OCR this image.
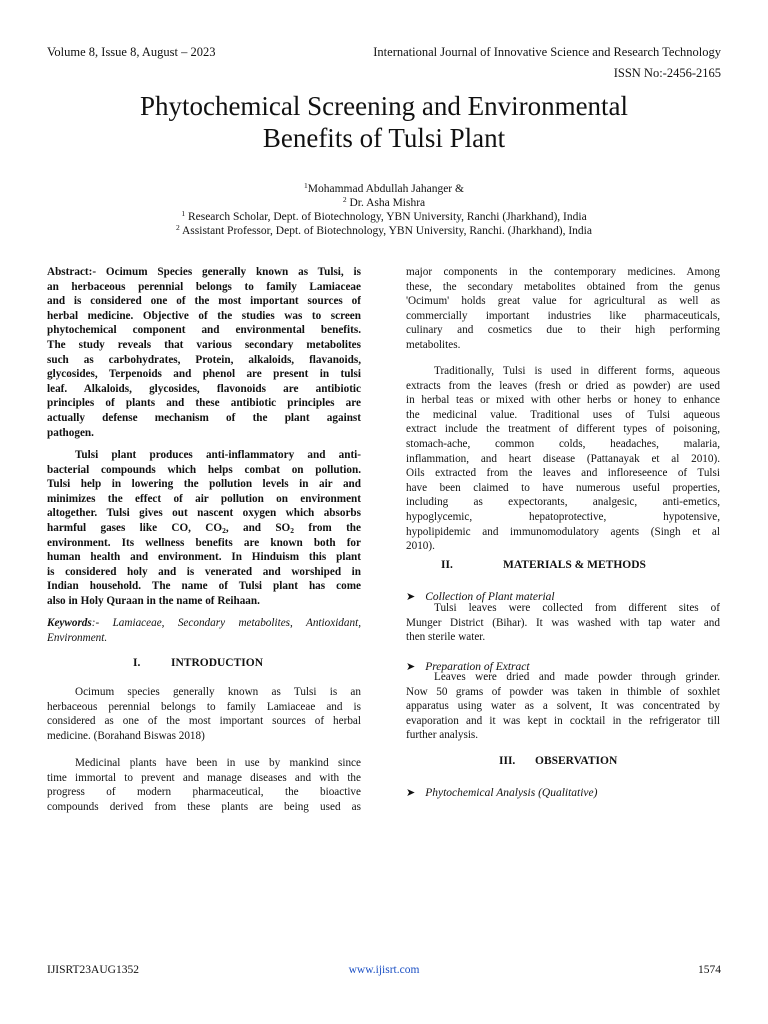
Volume 8, Issue 8, August – 2023	International Journal of Innovative Science and Research Technology
ISSN No:-2456-2165
Phytochemical Screening and Environmental
Benefits of Tulsi Plant
$^1$Mohammad Abdullah Jahanger &
$^2$ Dr. Asha Mishra
$^1$ Research Scholar, Dept. of Biotechnology, YBN University, Ranchi (Jharkhand), India
$^2$ Assistant Professor, Dept. of Biotechnology, YBN University, Ranchi. (Jharkhand), India
Abstract:- Ocimum Species generally known as Tulsi, is
an herbaceous perennial belongs to family Lamiaceae
and is considered one of the most important sources of
herbal medicine. Objective of the studies was to screen
phytochemical component and environmental benefits.
The study reveals that various secondary metabolites
such as carbohydrates, Protein, alkaloids, flavanoids,
glycosides, Terpenoids and phenol are present in tulsi
leaf. Alkaloids, glycosides, flavonoids are antibiotic
principles of plants and these antibiotic principles are
actually defense mechanism of the plant against
pathogen.
Tulsi plant produces anti-inflammatory and anti-
bacterial compounds which helps combat on pollution.
Tulsi help in lowering the pollution levels in air and
minimizes the effect of air pollution on environment
altogether. Tulsi gives out nascent oxygen which absorbs
harmful gases like CO, $CO_2$, and $SO_2$ from the
environment. Its wellness benefits are known both for
human health and environment. In Hinduism this plant
is considered holy and is venerated and worshiped in
Indian household. The name of Tulsi plant has come
also in Holy Quraan in the name of Reihaan.
Keywords:- Lamiaceae, Secondary metabolites, Antioxidant,
Environment.
I.	INTRODUCTION
Ocimum species generally known as Tulsi is an
herbaceous perennial belongs to family Lamiaceae and is
considered as one of the most important sources of herbal
medicine. (Borahand Biswas 2018)
Medicinal plants have been in use by mankind since
time immortal to prevent and manage diseases and with the
progress of modern pharmaceutical, the bioactive
compounds derived from these plants are being used as
major components in the contemporary medicines. Among
these, the secondary metabolites obtained from the genus
'Ocimum' holds great value for agricultural as well as
commercially important industries like pharmaceuticals,
culinary and cosmetics due to their high performing
metabolites.
Traditionally, Tulsi is used in different forms, aqueous
extracts from the leaves (fresh or dried as powder) are used
in herbal teas or mixed with other herbs or honey to enhance
the medicinal value. Traditional uses of Tulsi aqueous
extract include the treatment of different types of poisoning,
stomach-ache, common colds, headaches, malaria,
inflammation, and heart disease (Pattanayak et al 2010).
Oils extracted from the leaves and infloreseence of Tulsi
have been claimed to have numerous useful properties,
including as expectorants, analgesic, anti-emetics,
hypoglycemic, hepatoprotective, hypotensive,
hypolipidemic and immunomodulatory agents (Singh et al
2010).
II.	MATERIALS & METHODS
➤ Collection of Plant material
Tulsi leaves were collected from different sites of
Munger District (Bihar). It was washed with tap water and
then sterile water.
➤ Preparation of Extract
Leaves were dried and made powder through grinder.
Now 50 grams of powder was taken in thimble of soxhlet
apparatus using water as a solvent, It was concentrated by
evaporation and it was kept in cocktail in the refrigerator till
further analysis.
III. OBSERVATION
➤ Phytochemical Analysis (Qualitative)
IJISRT23AUG1352	www.ijisrt.com	1574
